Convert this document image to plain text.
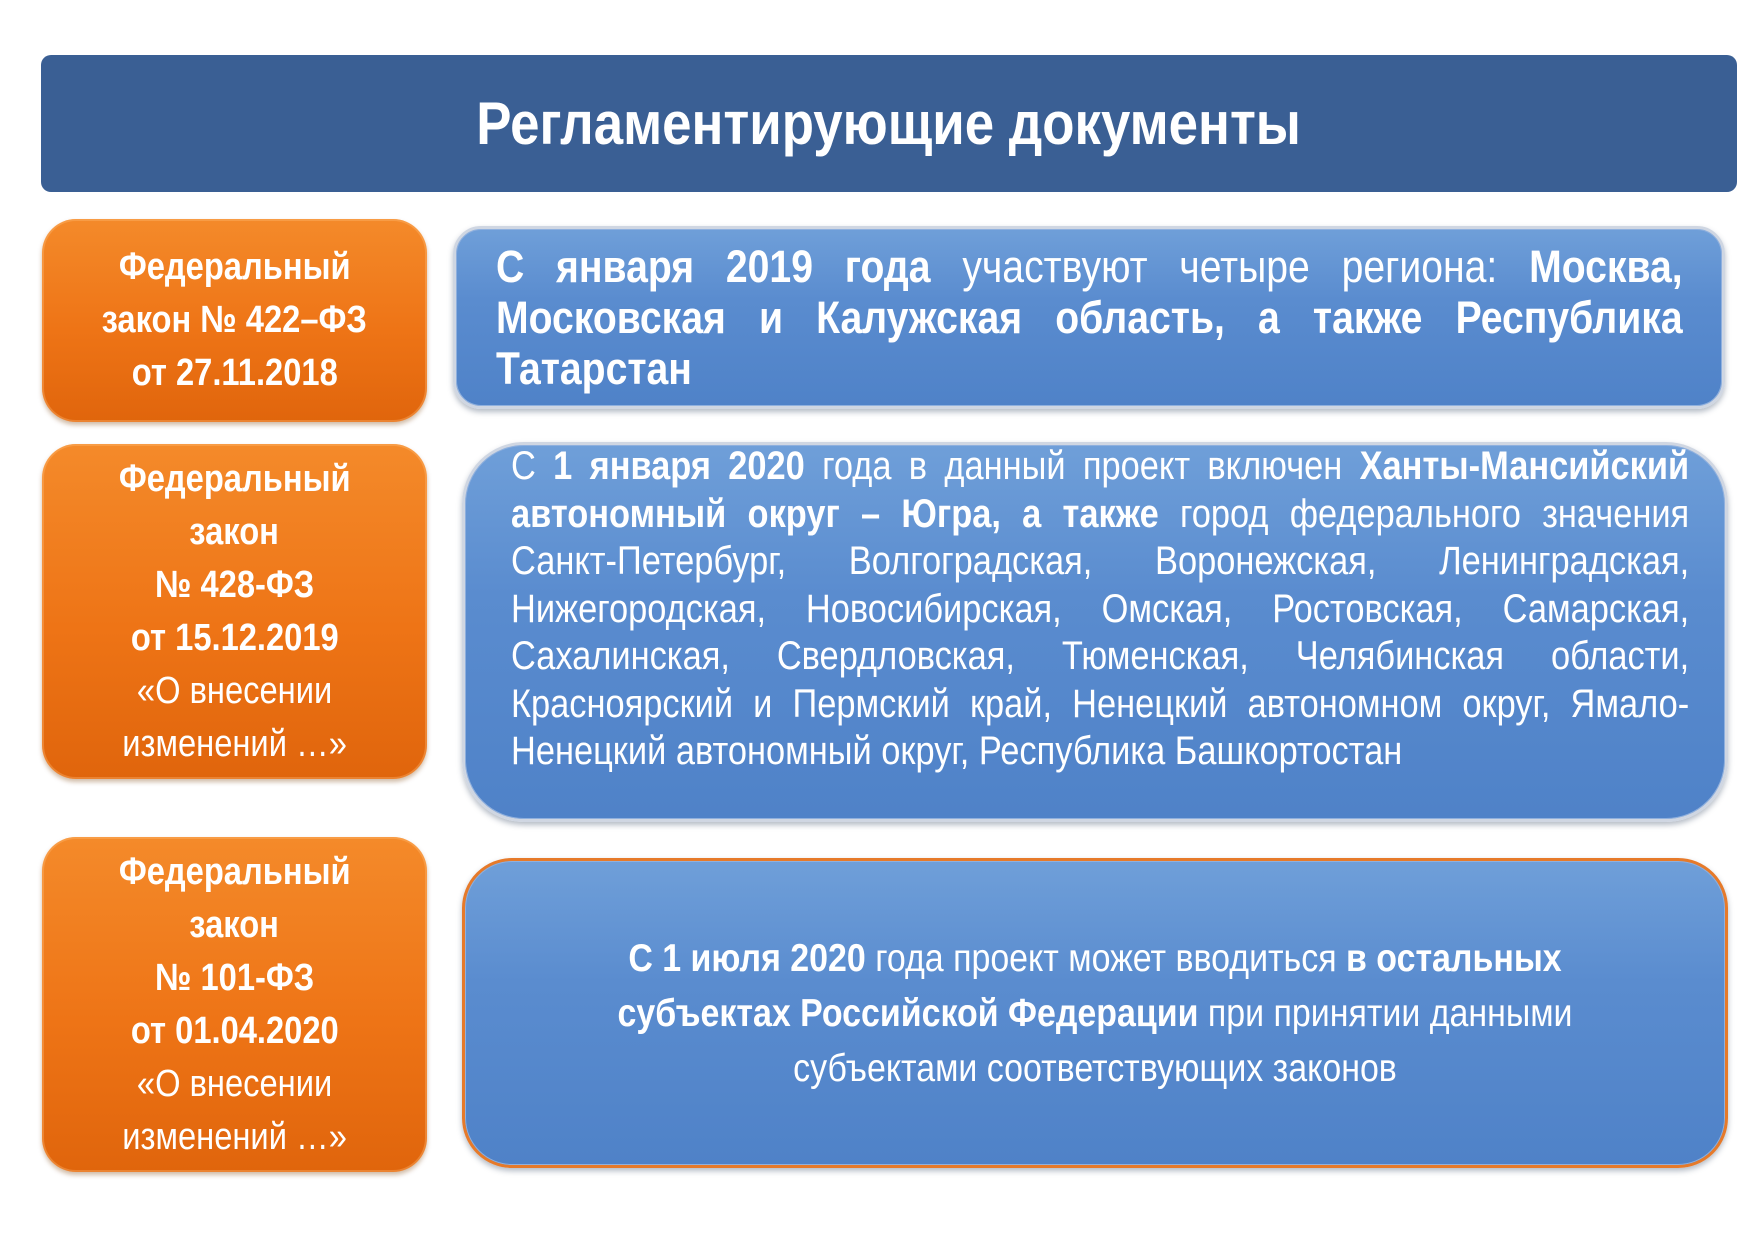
Регламентирующие документы
Федеральный
закон № 422–ФЗ
от 27.11.2018
С января 2019 года участвуют четыре региона: Москва, Московская и Калужская область, а также Республика Татарстан
Федеральный
закон
№ 428-ФЗ
от 15.12.2019
«О внесении
изменений …»
С 1 января 2020 года в данный проект включен Ханты-Мансийский автономный округ – Югра, а также город федерального значения Санкт-Петербург, Волгоградская, Воронежская, Ленинградская, Нижегородская, Новосибирская, Омская, Ростовская, Самарская, Сахалинская, Свердловская, Тюменская, Челябинская области, Красноярский и Пермский край, Ненецкий автономном округ, Ямало-Ненецкий автономный округ, Республика Башкортостан
Федеральный
закон
№ 101-ФЗ
от 01.04.2020
«О внесении
изменений …»
С 1 июля 2020 года проект может вводиться в остальных субъектах Российской Федерации при принятии данными субъектами соответствующих законов
